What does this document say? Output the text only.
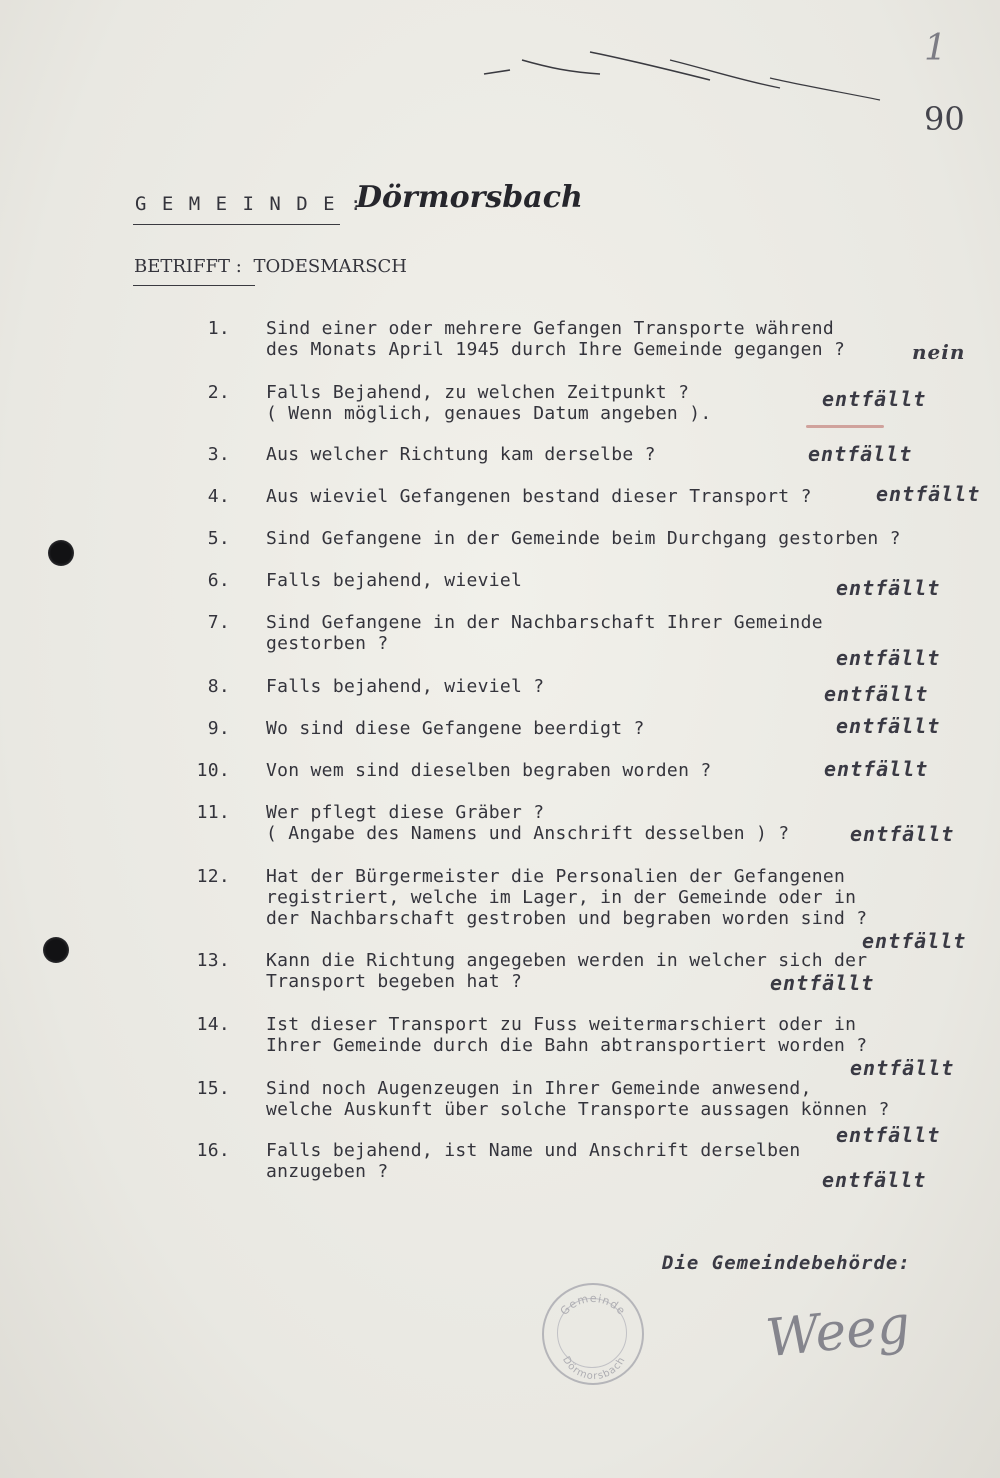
1
90
G E M E I N D E :
Dörmorsbach
BETRIFFT : TODESMARSCH
1. Sind einer oder mehrere Gefangen Transporte während
des Monats April 1945 durch Ihre Gemeinde gegangen ?	nein
2. Falls Bejahend, zu welchen Zeitpunkt ?
( Wenn möglich, genaues Datum angeben ).
entfällt
3. Aus welcher Richtung kam derselbe ?	entfällt
4. Aus wieviel Gefangenen bestand dieser Transport ?	entfällt
5. Sind Gefangene in der Gemeinde beim Durchgang gestorben ?
6. Falls bejahend, wieviel	entfällt
7. Sind Gefangene in der Nachbarschaft Ihrer Gemeinde
gestorben ?
entfällt
8. Falls bejahend, wieviel ?	entfällt
9. Wo sind diese Gefangene beerdigt ?	entfällt
10. Von wem sind dieselben begraben worden ?	entfällt
11. Wer pflegt diese Gräber ?
( Angabe des Namens und Anschrift desselben ) ?	entfällt
12. Hat der Bürgermeister die Personalien der Gefangenen
registriert, welche im Lager, in der Gemeinde oder in
der Nachbarschaft gestroben und begraben worden sind ?
entfällt
13. Kann die Richtung angegeben werden in welcher sich der
Transport begeben hat ?	entfällt
14. Ist dieser Transport zu Fuss weitermarschiert oder in
Ihrer Gemeinde durch die Bahn abtransportiert worden ?
entfällt
15. Sind noch Augenzeugen in Ihrer Gemeinde anwesend,
welche Auskunft über solche Transporte aussagen können ?
entfällt
16. Falls bejahend, ist Name und Anschrift derselben
anzugeben ?	entfällt
Die Gemeindebehörde:
Gemeinde
Dörmorsbach	Weeg
